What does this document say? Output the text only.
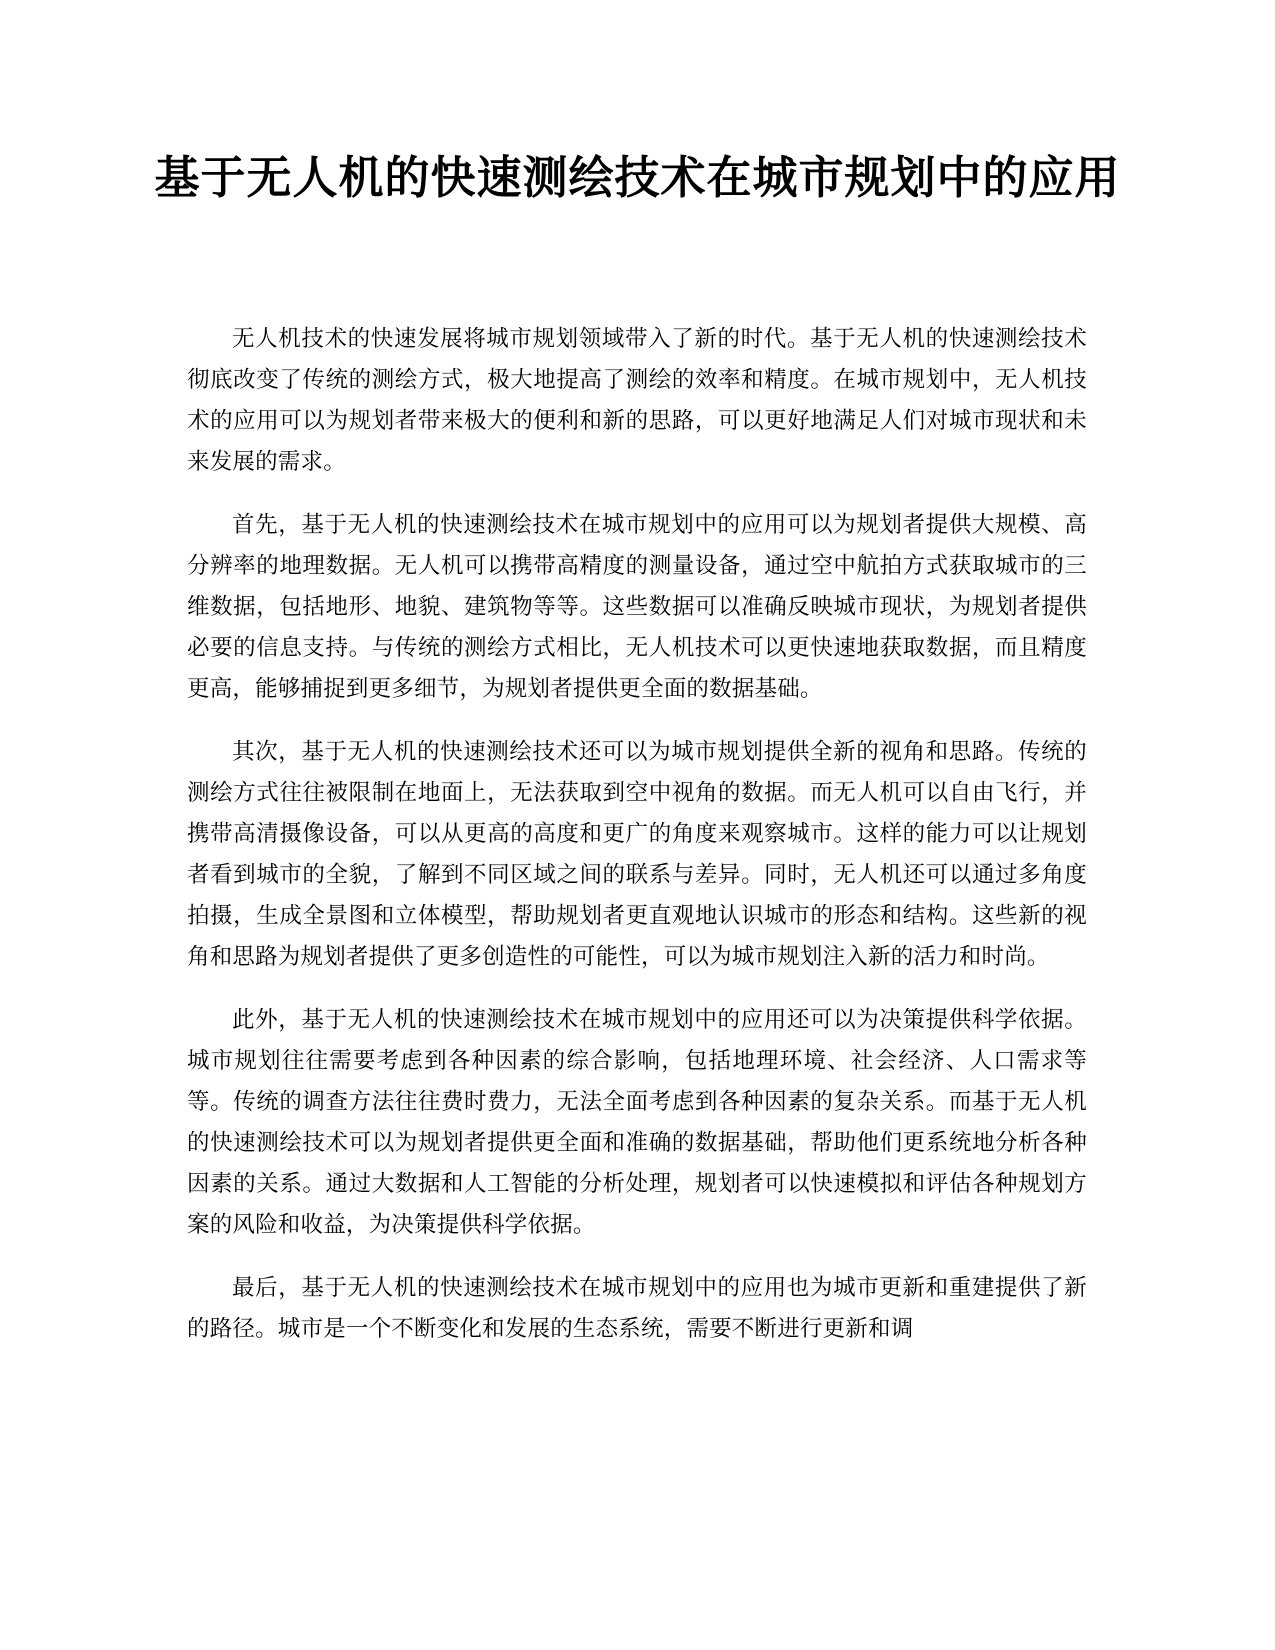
基于无人机的快速测绘技术在城市规划中的应用

无人机技术的快速发展将城市规划领域带入了新的时代。基于无人机的快速测绘技术彻底改变了传统的测绘方式，极大地提高了测绘的效率和精度。在城市规划中，无人机技术的应用可以为规划者带来极大的便利和新的思路，可以更好地满足人们对城市现状和未来发展的需求。

首先，基于无人机的快速测绘技术在城市规划中的应用可以为规划者提供大规模、高分辨率的地理数据。无人机可以携带高精度的测量设备，通过空中航拍方式获取城市的三维数据，包括地形、地貌、建筑物等等。这些数据可以准确反映城市现状，为规划者提供必要的信息支持。与传统的测绘方式相比，无人机技术可以更快速地获取数据，而且精度更高，能够捕捉到更多细节，为规划者提供更全面的数据基础。

其次，基于无人机的快速测绘技术还可以为城市规划提供全新的视角和思路。传统的测绘方式往往被限制在地面上，无法获取到空中视角的数据。而无人机可以自由飞行，并携带高清摄像设备，可以从更高的高度和更广的角度来观察城市。这样的能力可以让规划者看到城市的全貌，了解到不同区域之间的联系与差异。同时，无人机还可以通过多角度拍摄，生成全景图和立体模型，帮助规划者更直观地认识城市的形态和结构。这些新的视角和思路为规划者提供了更多创造性的可能性，可以为城市规划注入新的活力和时尚。

此外，基于无人机的快速测绘技术在城市规划中的应用还可以为决策提供科学依据。城市规划往往需要考虑到各种因素的综合影响，包括地理环境、社会经济、人口需求等等。传统的调查方法往往费时费力，无法全面考虑到各种因素的复杂关系。而基于无人机的快速测绘技术可以为规划者提供更全面和准确的数据基础，帮助他们更系统地分析各种因素的关系。通过大数据和人工智能的分析处理，规划者可以快速模拟和评估各种规划方案的风险和收益，为决策提供科学依据。

最后，基于无人机的快速测绘技术在城市规划中的应用也为城市更新和重建提供了新的路径。城市是一个不断变化和发展的生态系统，需要不断进行更新和调
